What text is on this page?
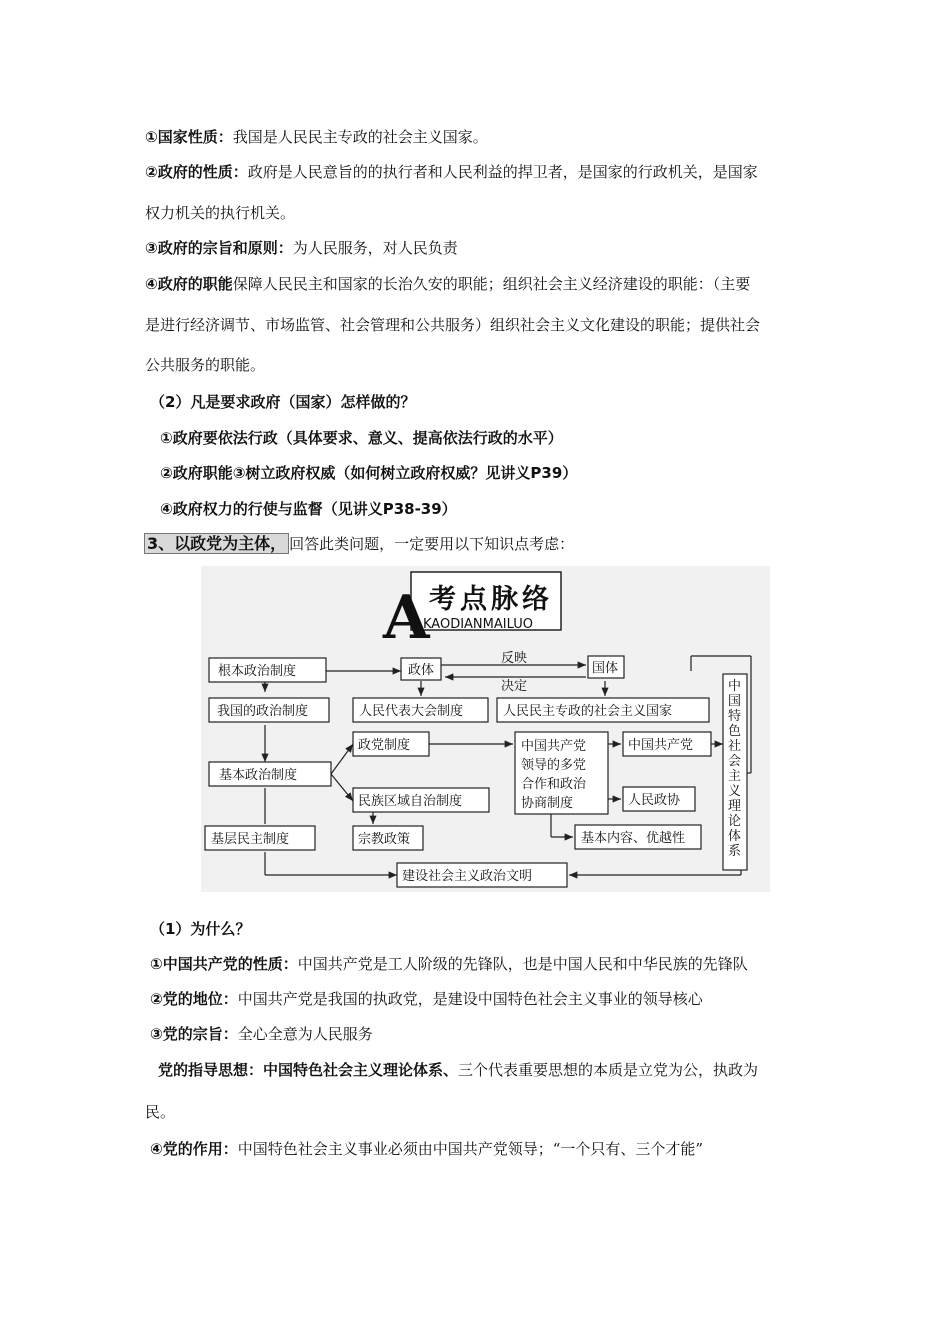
①国家性质：我国是人民民主专政的社会主义国家。
②政府的性质：政府是人民意旨的的执行者和人民利益的捍卫者，是国家的行政机关，是国家
权力机关的执行机关。
③政府的宗旨和原则：为人民服务，对人民负责
④政府的职能保障人民民主和国家的长治久安的职能；组织社会主义经济建设的职能：（主要
是进行经济调节、市场监管、社会管理和公共服务）组织社会主义文化建设的职能；提供社会
公共服务的职能。
（2）凡是要求政府（国家）怎样做的？
①政府要依法行政（具体要求、意义、提高依法行政的水平）
②政府职能③树立政府权威（如何树立政府权威？见讲义P39）
④政府权力的行使与监督（见讲义P38-39）
3、以政党为主体， 回答此类问题，一定要用以下知识点考虑：
A 考点脉络
KAODIANMAILUO
根本政治制度
我国的政治制度
基本政治制度
基层民主制度
政体	国体
人民代表大会制度	人民民主专政的社会主义国家
政党制度
民族区域自治制度
宗教政策
中国共产党
领导的多党
合作和政治
协商制度
中国共产党
人民政协
基本内容、优越性
建设社会主义政治文明
反映
决定	中
国
特
色
社
会
主
义
理
论
体
系
（1）为什么？
①中国共产党的性质：中国共产党是工人阶级的先锋队，也是中国人民和中华民族的先锋队
②党的地位：中国共产党是我国的执政党，是建设中国特色社会主义事业的领导核心
③党的宗旨：全心全意为人民服务
党的指导思想：中国特色社会主义理论体系、三个代表重要思想的本质是立党为公，执政为
民。
④党的作用：中国特色社会主义事业必须由中国共产党领导；“一个只有、三个才能”
